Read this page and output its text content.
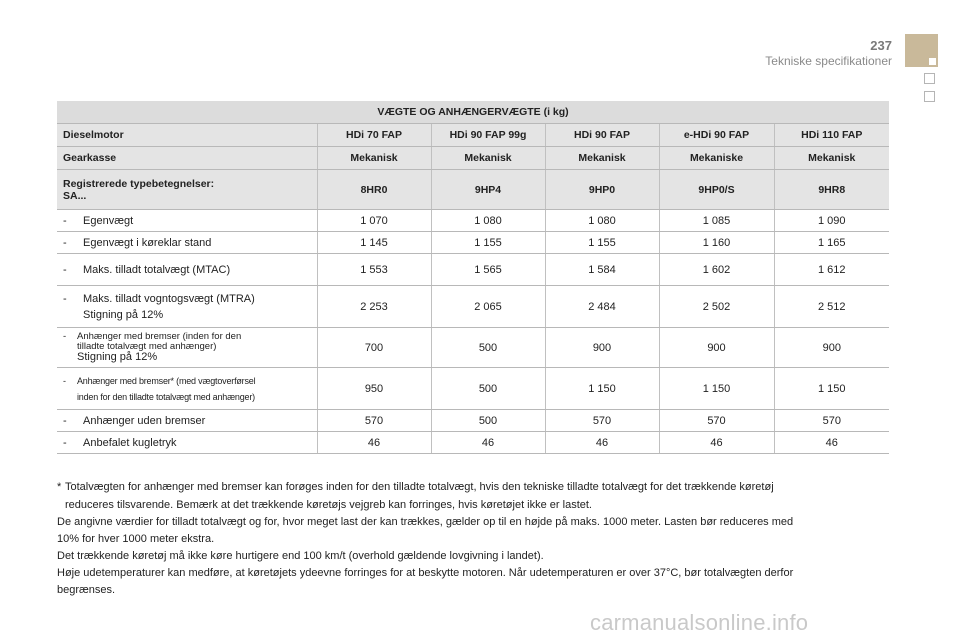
237
Tekniske specifikationer
VÆGTE OG ANHÆNGERVÆGTE (i kg)					
Dieselmotor	HDi 70 FAP	HDi 90 FAP 99g	HDi 90 FAP	e-HDi 90 FAP	HDi 110 FAP
Gearkasse	Mekanisk	Mekanisk	Mekanisk	Mekaniske	Mekanisk
Registrerede typebetegnelser:
SA...	8HR0	9HP4	9HP0	9HP0/S	9HR8
- Egenvægt	1 070	1 080	1 080	1 085	1 090
- Egenvægt i køreklar stand	1 145	1 155	1 155	1 160	1 165
- Maks. tilladt totalvægt (MTAC)	1 553	1 565	1 584	1 602	1 612
- Maks. tilladt vogntogsvægt (MTRA)
Stigning på 12%	2 253	2 065	2 484	2 502	2 512
- Anhænger med bremser (inden for den
tilladte totalvægt med anhænger)
Stigning på 12%	700	500	900	900	900
- Anhænger med bremser* (med vægtoverførsel
inden for den tilladte totalvægt med anhænger)	950	500	1 150	1 150	1 150
- Anhænger uden bremser	570	500	570	570	570
- Anbefalet kugletryk	46	46	46	46	46
* Totalvægten for anhænger med bremser kan forøges inden for den tilladte totalvægt, hvis den tekniske tilladte totalvægt for det trækkende køretøj
reduceres tilsvarende. Bemærk at det trækkende køretøjs vejgreb kan forringes, hvis køretøjet ikke er lastet.

De angivne værdier for tilladt totalvægt og for, hvor meget last der kan trækkes, gælder op til en højde på maks. 1000 meter. Lasten bør reduceres med
10% for hver 1000 meter ekstra.

Det trækkende køretøj må ikke køre hurtigere end 100 km/t (overhold gældende lovgivning i landet).

Høje udetemperaturer kan medføre, at køretøjets ydeevne forringes for at beskytte motoren. Når udetemperaturen er over 37°C, bør totalvægten derfor
begrænses.

carmanualsonline.info
